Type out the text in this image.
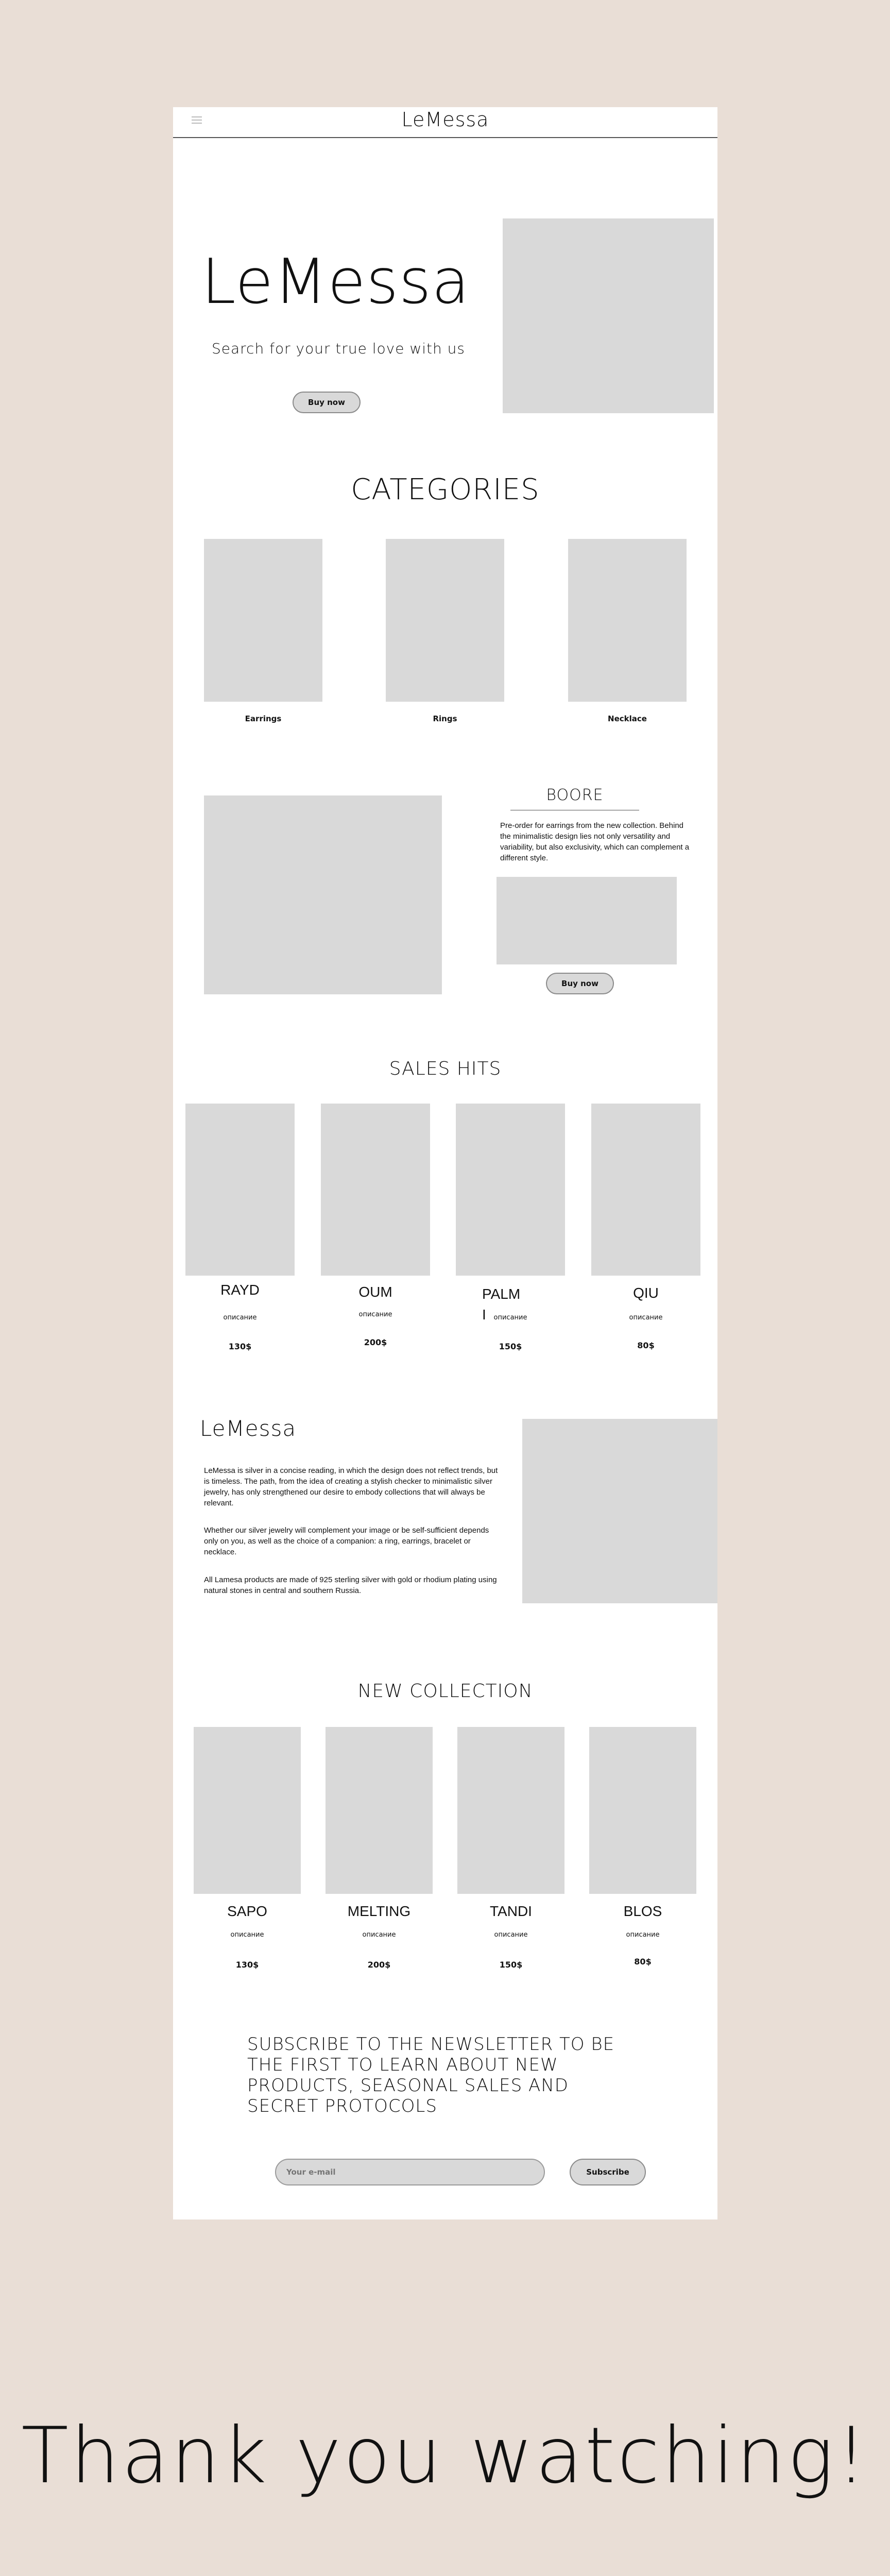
LeMessa
LeMessa
Search for your true love with us
Buy now
CATEGORIES
Earrings	Rings	Necklace
BOORE
Pre-order for earrings from the new collection. Behind the minimalistic design lies not only versatility and variability, but also exclusivity, which can complement a different style.
Buy now
SALES HITS
RAYD
описание
130$
OUM
описание
200$
PALM
I	описание
150$
QIU
описание
80$
LeMessa
LeMessa is silver in a concise reading, in which the design does not reflect trends, but is timeless. The path, from the idea of creating a stylish checker to minimalistic silver jewelry, has only strengthened our desire to embody collections that will always be relevant.
Whether our silver jewelry will complement your image or be self-sufficient depends only on you, as well as the choice of a companion: a ring, earrings, bracelet or necklace.
All Lamesa products are made of 925 sterling silver with gold or rhodium plating using natural stones in central and southern Russia.
NEW COLLECTION
SAPO
описание
130$
MELTING
описание
200$
TANDI
описание
150$
BLOS
описание
80$
SUBSCRIBE TO THE NEWSLETTER TO BE THE FIRST TO LEARN ABOUT NEW PRODUCTS, SEASONAL SALES AND SECRET PROTOCOLS
Your e-mail
Subscribe
Thank you watching!
